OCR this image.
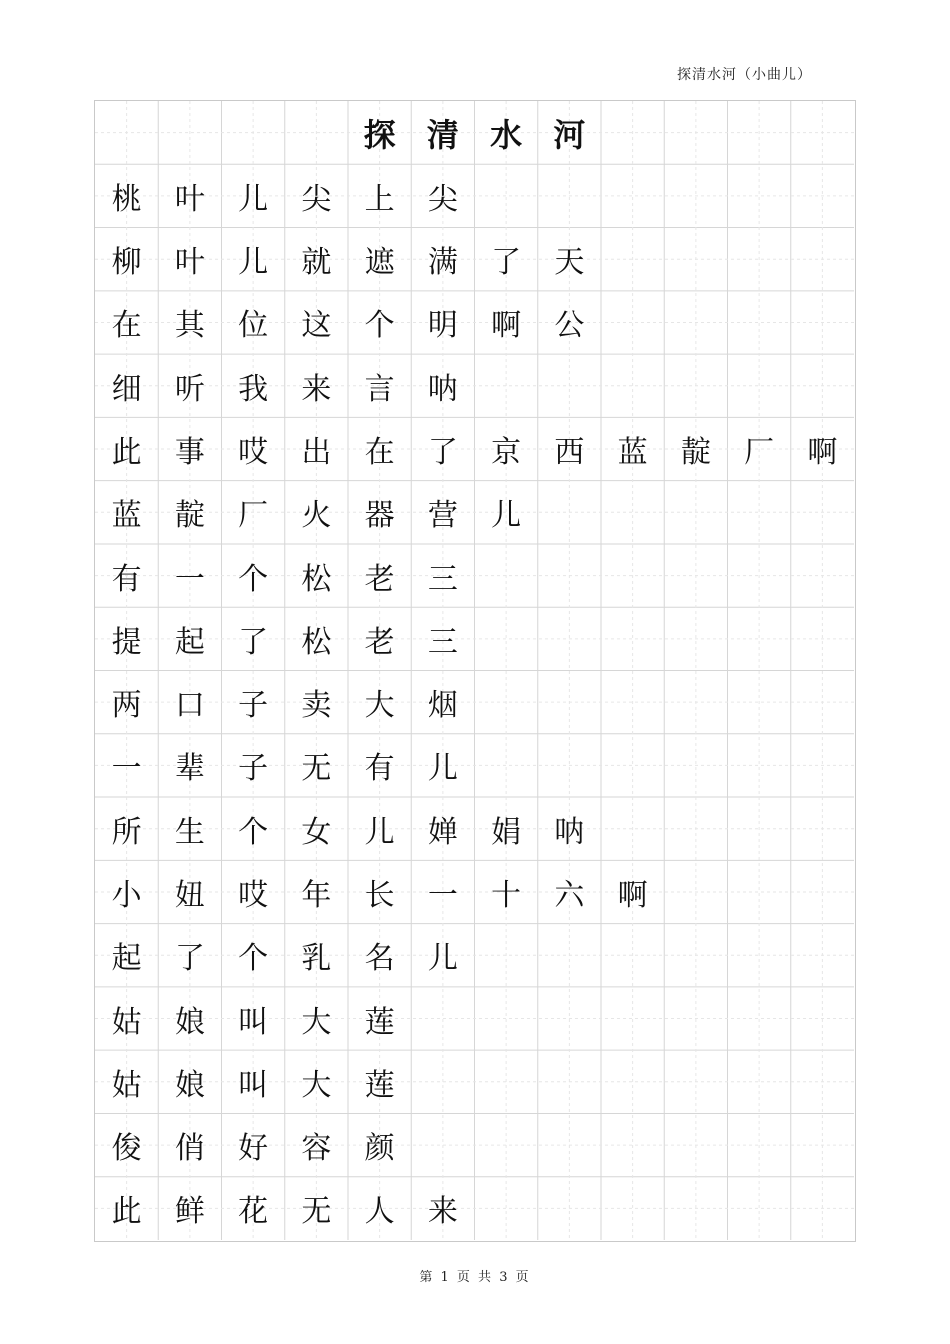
探清水河（小曲儿）
探 清 水 河
桃	叶	儿	尖	上	尖
柳	叶	儿	就	遮	满	了	天
在	其	位	这	个	明	啊	公
细	听	我	来	言	呐
此	事	哎	出	在	了	京	西	蓝	靛	厂	啊
蓝	靛	厂	火	器	营	儿
有	一	个	松	老	三
提	起	了	松	老	三
两	口	子	卖	大	烟
一	辈	子	无	有	儿
所	生	个	女	儿	婵	娟	呐
小	妞	哎	年	长	一	十	六	啊
起	了	个	乳	名	儿
姑	娘	叫	大	莲
姑	娘	叫	大	莲
俊	俏	好	容	颜
此	鲜	花	无	人	来
第 1 页 共 3 页
